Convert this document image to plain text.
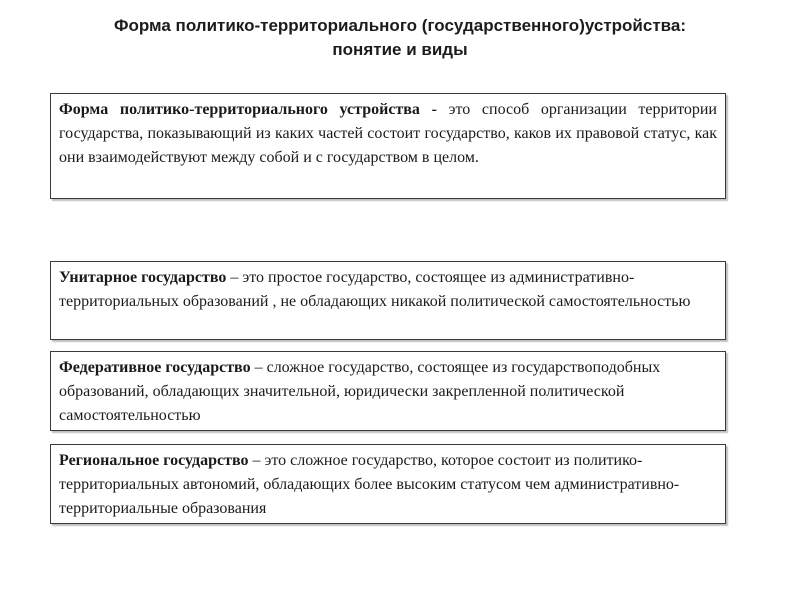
Форма политико-территориального (государственного)устройства:
понятие и виды
Форма политико-территориального устройства - это способ организации территории государства, показывающий из каких частей состоит государство, каков их правовой статус, как они взаимодействуют между собой и с государством в целом.
Унитарное государство – это простое государство, состоящее из административно-территориальных образований , не обладающих никакой политической самостоятельностью
Федеративное государство – сложное государство, состоящее из государствоподобных образований, обладающих значительной, юридически закрепленной политической самостоятельностью
Региональное государство – это сложное государство, которое состоит из политико-территориальных автономий, обладающих более высоким статусом чем административно-территориальные образования
